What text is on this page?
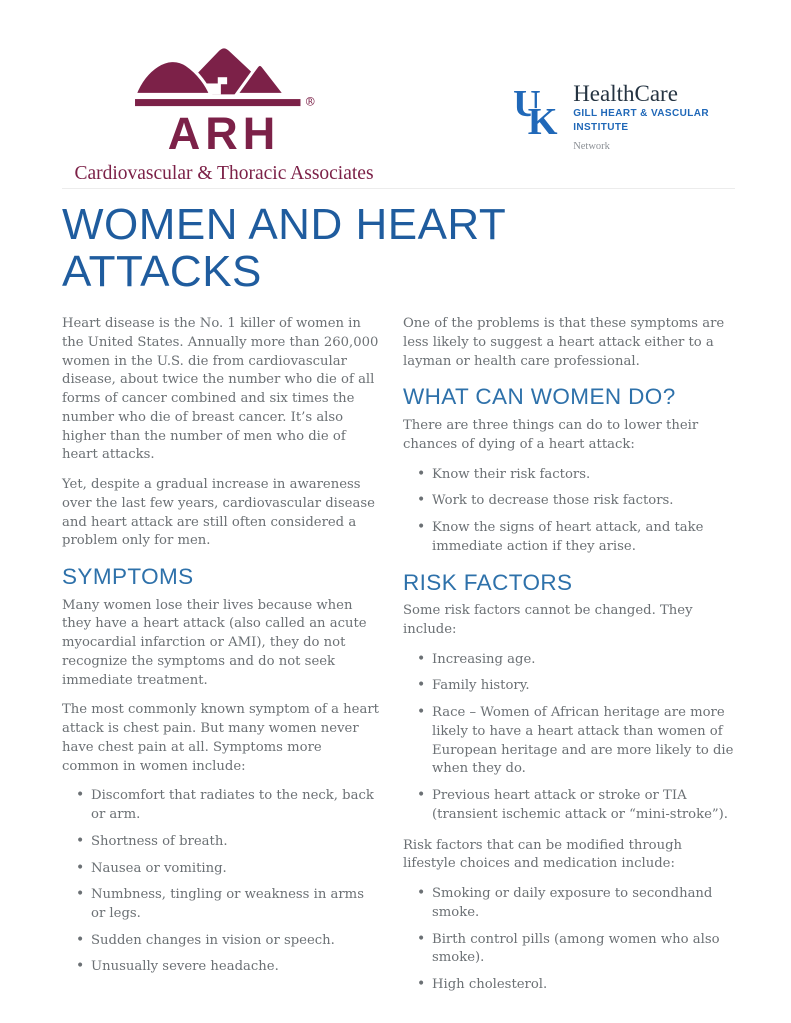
®
ARH
Cardiovascular & Thoracic Associates
U
K
HealthCare
GILL HEART & VASCULAR
INSTITUTE
Network
WOMEN AND HEART ATTACKS

Heart disease is the No. 1 killer of women in the United States. Annually more than 260,000 women in the U.S. die from cardiovascular disease, about twice the number who die of all forms of cancer combined and six times the number who die of breast cancer. It’s also higher than the number of men who die of heart attacks.

Yet, despite a gradual increase in awareness over the last few years, cardiovascular disease and heart attack are still often considered a problem only for men.

SYMPTOMS

Many women lose their lives because when they have a heart attack (also called an acute myocardial infarction or AMI), they do not recognize the symptoms and do not seek immediate treatment.

The most commonly known symptom of a heart attack is chest pain. But many women never have chest pain at all. Symptoms more common in women include:

• Discomfort that radiates to the neck, back or arm.
• Shortness of breath.
• Nausea or vomiting.
• Numbness, tingling or weakness in arms or legs.
• Sudden changes in vision or speech.
• Unusually severe headache.

One of the problems is that these symptoms are less likely to suggest a heart attack either to a layman or health care professional.

WHAT CAN WOMEN DO?

There are three things can do to lower their chances of dying of a heart attack:

• Know their risk factors.
• Work to decrease those risk factors.
• Know the signs of heart attack, and take immediate action if they arise.
RISK FACTORS

Some risk factors cannot be changed. They include:

• Increasing age.
• Family history.
• Race – Women of African heritage are more likely to have a heart attack than women of European heritage and are more likely to die when they do.
• Previous heart attack or stroke or TIA (transient ischemic attack or “mini-stroke”).

Risk factors that can be modified through lifestyle choices and medication include:

• Smoking or daily exposure to secondhand smoke.
• Birth control pills (among women who also smoke).
• High cholesterol.
